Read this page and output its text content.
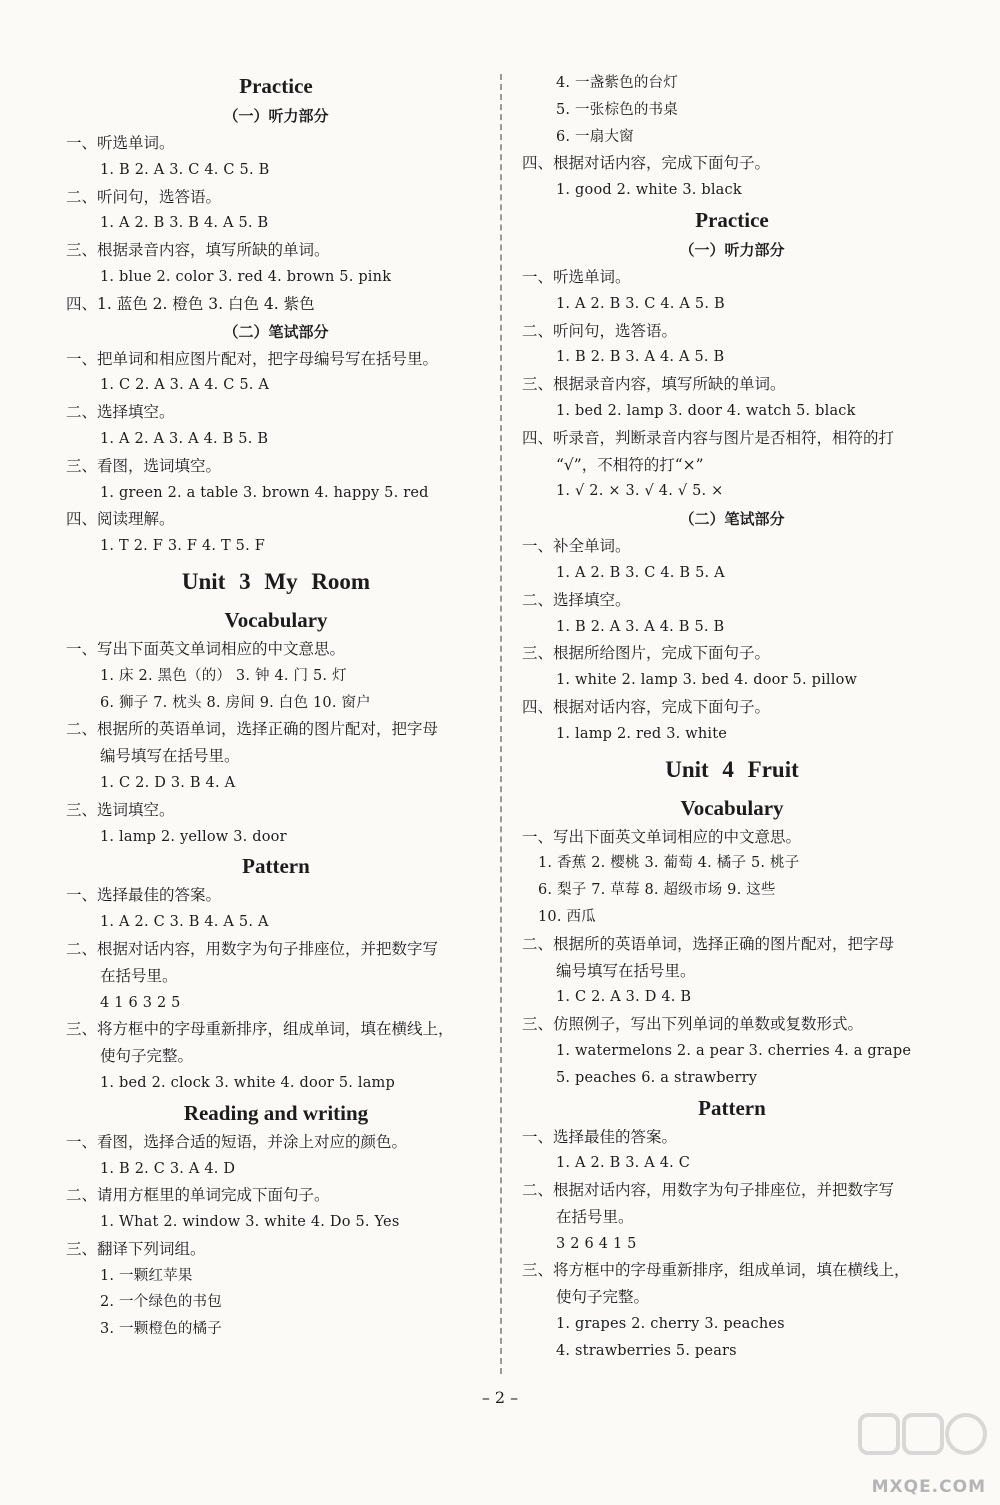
Practice
（一）听力部分
一、听选单词。
1. B 2. A 3. C 4. C 5. B
二、听问句，选答语。
1. A 2. B 3. B 4. A 5. B
三、根据录音内容，填写所缺的单词。
1. blue 2. color 3. red 4. brown 5. pink
四、1. 蓝色 2. 橙色 3. 白色 4. 紫色
（二）笔试部分
一、把单词和相应图片配对，把字母编号写在括号里。
1. C 2. A 3. A 4. C 5. A
二、选择填空。
1. A 2. A 3. A 4. B 5. B
三、看图，选词填空。
1. green 2. a table 3. brown 4. happy 5. red
四、阅读理解。
1. T 2. F 3. F 4. T 5. F
Unit 3 My Room
Vocabulary
一、写出下面英文单词相应的中文意思。
1. 床 2. 黑色（的） 3. 钟 4. 门 5. 灯
6. 狮子 7. 枕头 8. 房间 9. 白色 10. 窗户
二、根据所的英语单词，选择正确的图片配对，把字母
编号填写在括号里。
1. C 2. D 3. B 4. A
三、选词填空。
1. lamp 2. yellow 3. door
Pattern
一、选择最佳的答案。
1. A 2. C 3. B 4. A 5. A
二、根据对话内容，用数字为句子排座位，并把数字写
在括号里。
4 1 6 3 2 5
三、将方框中的字母重新排序，组成单词，填在横线上，
使句子完整。
1. bed 2. clock 3. white 4. door 5. lamp
Reading and writing
一、看图，选择合适的短语，并涂上对应的颜色。
1. B 2. C 3. A 4. D
二、请用方框里的单词完成下面句子。
1. What 2. window 3. white 4. Do 5. Yes
三、翻译下列词组。
1. 一颗红苹果
2. 一个绿色的书包
3. 一颗橙色的橘子
4. 一盏紫色的台灯
5. 一张棕色的书桌
6. 一扇大窗
四、根据对话内容，完成下面句子。
1. good 2. white 3. black
Practice
（一）听力部分
一、听选单词。
1. A 2. B 3. C 4. A 5. B
二、听问句，选答语。
1. B 2. B 3. A 4. A 5. B
三、根据录音内容，填写所缺的单词。
1. bed 2. lamp 3. door 4. watch 5. black
四、听录音，判断录音内容与图片是否相符，相符的打
“√”，不相符的打“×”
1. √ 2. × 3. √ 4. √ 5. ×
（二）笔试部分
一、补全单词。
1. A 2. B 3. C 4. B 5. A
二、选择填空。
1. B 2. A 3. A 4. B 5. B
三、根据所给图片，完成下面句子。
1. white 2. lamp 3. bed 4. door 5. pillow
四、根据对话内容，完成下面句子。
1. lamp 2. red 3. white
Unit 4 Fruit
Vocabulary
一、写出下面英文单词相应的中文意思。
1. 香蕉 2. 樱桃 3. 葡萄 4. 橘子 5. 桃子
6. 梨子 7. 草莓 8. 超级市场 9. 这些
10. 西瓜
二、根据所的英语单词，选择正确的图片配对，把字母
编号填写在括号里。
1. C 2. A 3. D 4. B
三、仿照例子，写出下列单词的单数或复数形式。
1. watermelons 2. a pear 3. cherries 4. a grape
5. peaches 6. a strawberry
Pattern
一、选择最佳的答案。
1. A 2. B 3. A 4. C
二、根据对话内容，用数字为句子排座位，并把数字写
在括号里。
3 2 6 4 1 5
三、将方框中的字母重新排序，组成单词，填在横线上，
使句子完整。
1. grapes 2. cherry 3. peaches
4. strawberries 5. pears
– 2 –
MXQE.COM
